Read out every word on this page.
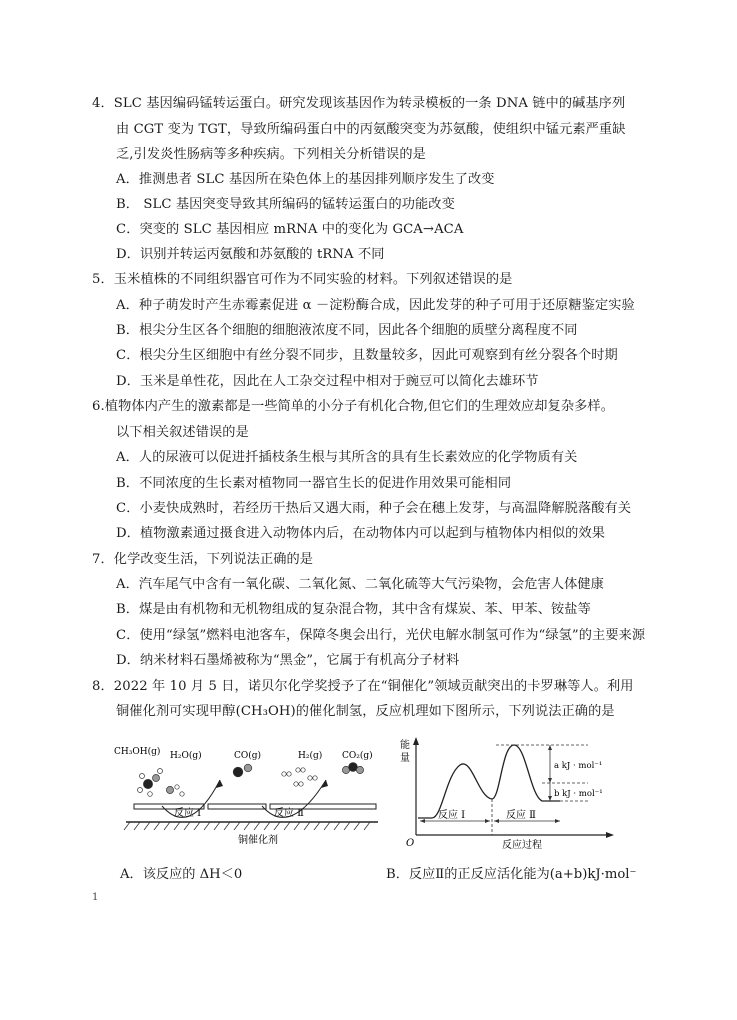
4．SLC 基因编码锰转运蛋白。研究发现该基因作为转录模板的一条 DNA 链中的碱基序列
由 CGT 变为 TGT，导致所编码蛋白中的丙氨酸突变为苏氨酸，使组织中锰元素严重缺
乏,引发炎性肠病等多种疾病。下列相关分析错误的是
A．推测患者 SLC 基因所在染色体上的基因排列顺序发生了改变
B． SLC 基因突变导致其所编码的锰转运蛋白的功能改变
C．突变的 SLC 基因相应 mRNA 中的变化为 GCA→ACA
D．识别并转运丙氨酸和苏氨酸的 tRNA 不同
5．玉米植株的不同组织器官可作为不同实验的材料。下列叙述错误的是
A．种子萌发时产生赤霉素促进 α －淀粉酶合成，因此发芽的种子可用于还原糖鉴定实验
B．根尖分生区各个细胞的细胞液浓度不同，因此各个细胞的质壁分离程度不同
C．根尖分生区细胞中有丝分裂不同步，且数量较多，因此可观察到有丝分裂各个时期
D．玉米是单性花，因此在人工杂交过程中相对于豌豆可以简化去雄环节
6.植物体内产生的激素都是一些简单的小分子有机化合物,但它们的生理效应却复杂多样。
以下相关叙述错误的是
A．人的尿液可以促进扦插枝条生根与其所含的具有生长素效应的化学物质有关
B．不同浓度的生长素对植物同一器官生长的促进作用效果可能相同
C．小麦快成熟时，若经历干热后又遇大雨，种子会在穗上发芽，与高温降解脱落酸有关
D．植物激素通过摄食进入动物体内后，在动物体内可以起到与植物体内相似的效果
7．化学改变生活，下列说法正确的是
A．汽车尾气中含有一氧化碳、二氧化氮、二氧化硫等大气污染物，会危害人体健康
B．煤是由有机物和无机物组成的复杂混合物，其中含有煤炭、苯、甲苯、铵盐等
C．使用“绿氢”燃料电池客车，保障冬奥会出行，光伏电解水制氢可作为“绿氢”的主要来源
D．纳米材料石墨烯被称为“黑金”，它属于有机高分子材料
8．2022 年 10 月 5 日，诺贝尔化学奖授予了在“铜催化”领域贡献突出的卡罗琳等人。利用
铜催化剂可实现甲醇(CH₃OH)的催化制氢，反应机理如下图所示，下列说法正确的是
CH₃OH(g) H₂O(g)	CO(g)	H₂(g) CO₂(g)
反应 Ⅰ	反应 Ⅱ
铜催化剂
能
量
O
a kJ · mol⁻¹
b kJ · mol⁻¹
反应 Ⅰ	反应 Ⅱ
反应过程
A．该反应的 ΔH＜0	B．反应Ⅱ的正反应活化能为(a+b)kJ·mol⁻
1
